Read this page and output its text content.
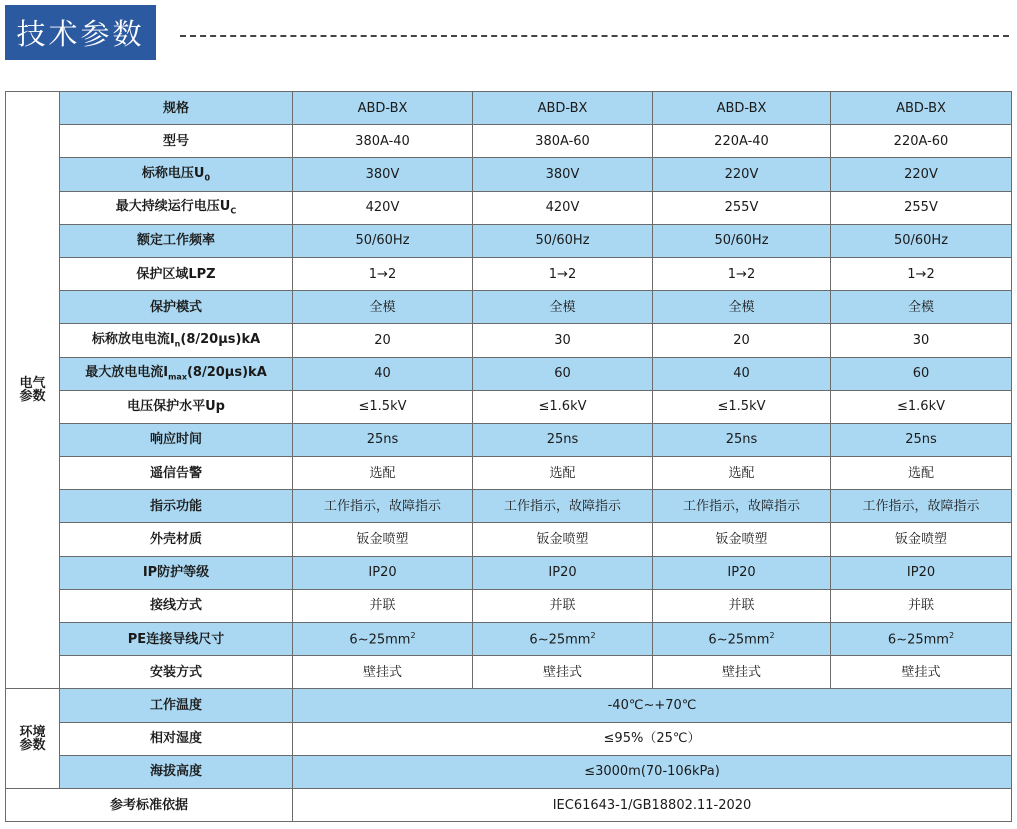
技术参数
电气
参数	规格	ABD-BX	ABD-BX	ABD-BX	ABD-BX
	型号	380A-40	380A-60	220A-40	220A-60
	标称电压$U_0$	380V	380V	220V	220V
	最大持续运行电压$U_C$	420V	420V	255V	255V
	额定工作频率	50/60Hz	50/60Hz	50/60Hz	50/60Hz
	保护区域LPZ	1→2	1→2	1→2	1→2
	保护模式	全模	全模	全模	全模
	标称放电电流$I_n(8/20\mu s)kA$	20	30	20	30
	最大放电电流$I_{max}(8/20\mu s)kA$	40	60	40	60
	电压保护水平Up	≤1.5kV	≤1.6kV	≤1.5kV	≤1.6kV
	响应时间	25ns	25ns	25ns	25ns
	遥信告警	选配	选配	选配	选配
	指示功能	工作指示，故障指示	工作指示，故障指示	工作指示，故障指示	工作指示，故障指示
	外壳材质	钣金喷塑	钣金喷塑	钣金喷塑	钣金喷塑
	IP防护等级	IP20	IP20	IP20	IP20
	接线方式	并联	并联	并联	并联
	PE连接导线尺寸	$6\sim 25mm^2$	$6\sim 25mm^2$	$6\sim 25mm^2$	$6\sim 25mm^2$
	安装方式	壁挂式	壁挂式	壁挂式	壁挂式

环境
参数	工作温度	-40℃~+70℃			
	相对湿度	≤95%（25℃）			
	海拔高度	≤3000m(70-106kPa)			
参考标准依据		IEC61643-1/GB18802.11-2020			
